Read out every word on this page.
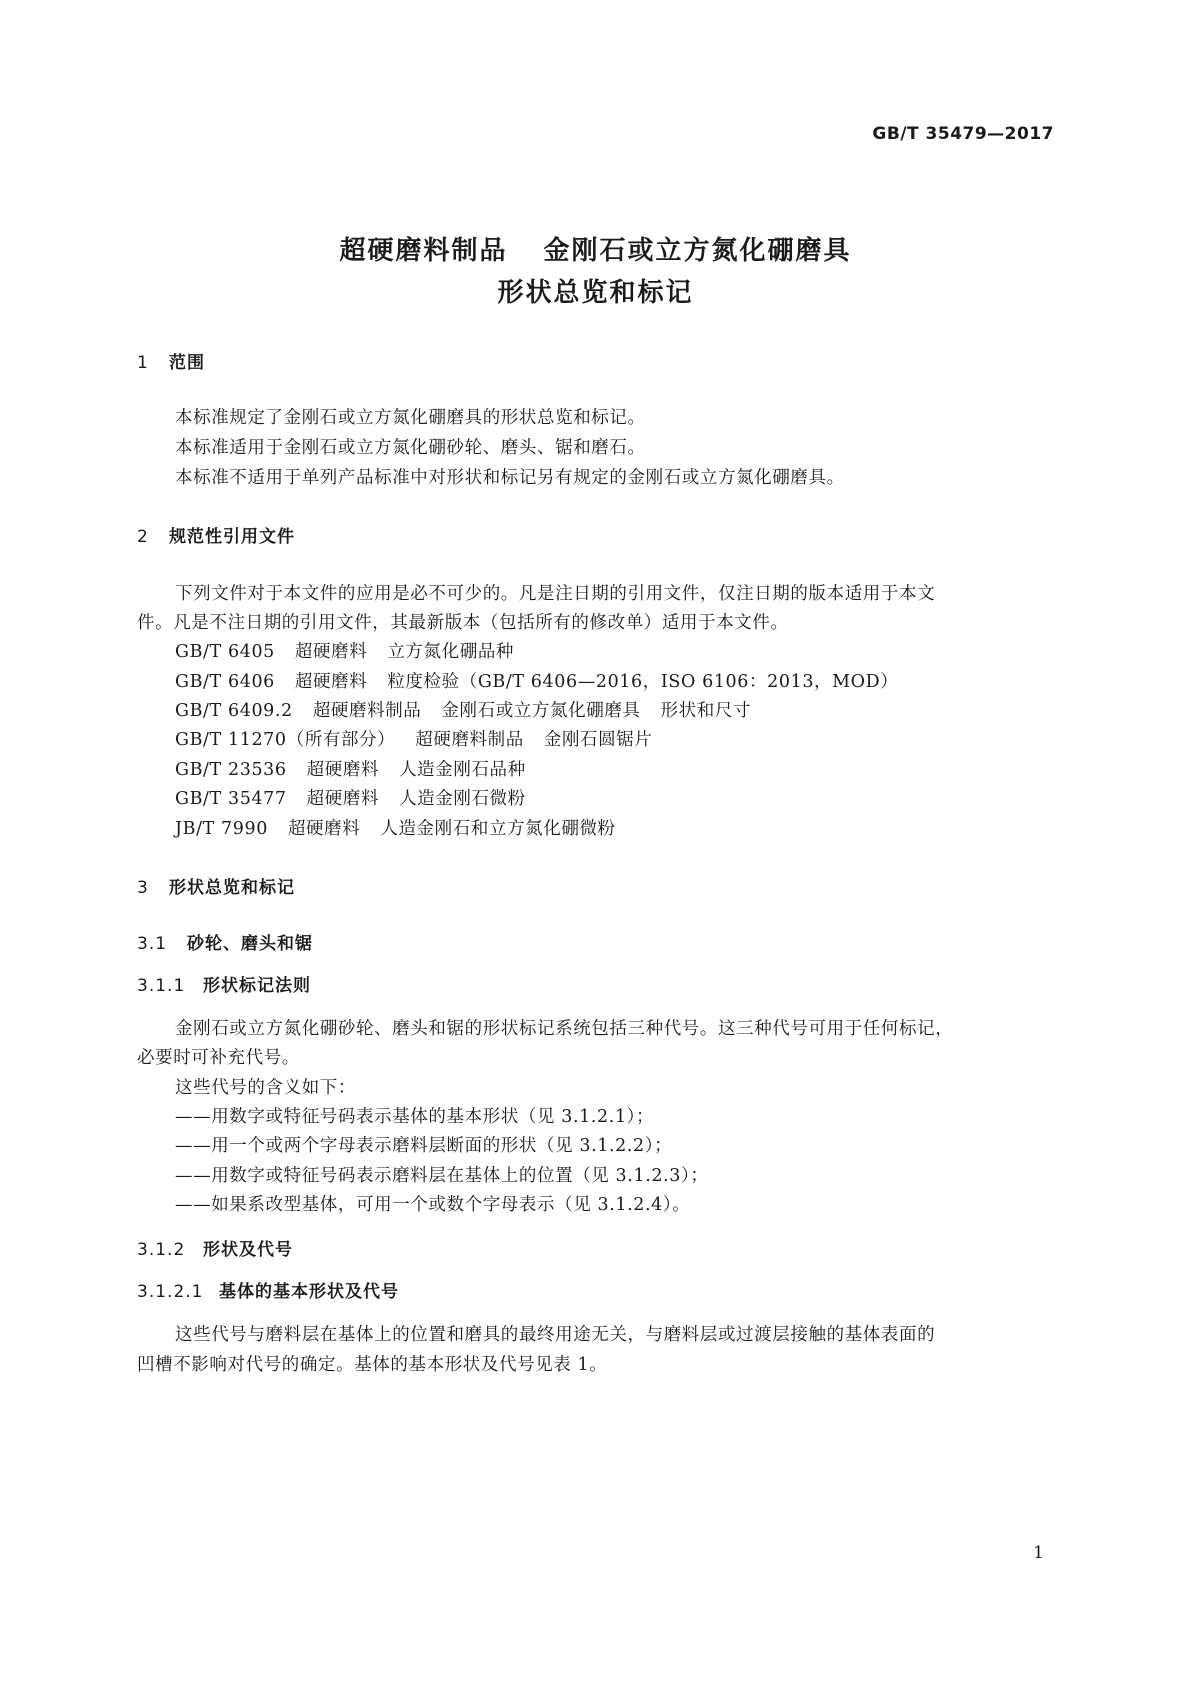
GB/T 35479—2017
超硬磨料制品 金刚石或立方氮化硼磨具
形状总览和标记
1 范围
本标准规定了金刚石或立方氮化硼磨具的形状总览和标记。
本标准适用于金刚石或立方氮化硼砂轮、磨头、锯和磨石。
本标准不适用于单列产品标准中对形状和标记另有规定的金刚石或立方氮化硼磨具。
2 规范性引用文件
下列文件对于本文件的应用是必不可少的。凡是注日期的引用文件，仅注日期的版本适用于本文
件。凡是不注日期的引用文件，其最新版本（包括所有的修改单）适用于本文件。
GB/T 6405 超硬磨料 立方氮化硼品种
GB/T 6406 超硬磨料 粒度检验（GB/T 6406—2016，ISO 6106：2013，MOD）
GB/T 6409.2 超硬磨料制品 金刚石或立方氮化硼磨具 形状和尺寸
GB/T 11270（所有部分） 超硬磨料制品 金刚石圆锯片
GB/T 23536 超硬磨料 人造金刚石品种
GB/T 35477 超硬磨料 人造金刚石微粉
JB/T 7990 超硬磨料 人造金刚石和立方氮化硼微粉
3 形状总览和标记
3.1 砂轮、磨头和锯
3.1.1 形状标记法则
金刚石或立方氮化硼砂轮、磨头和锯的形状标记系统包括三种代号。这三种代号可用于任何标记，
必要时可补充代号。
这些代号的含义如下：
——用数字或特征号码表示基体的基本形状（见 3.1.2.1）；
——用一个或两个字母表示磨料层断面的形状（见 3.1.2.2）；
——用数字或特征号码表示磨料层在基体上的位置（见 3.1.2.3）；
——如果系改型基体，可用一个或数个字母表示（见 3.1.2.4）。
3.1.2 形状及代号
3.1.2.1 基体的基本形状及代号
这些代号与磨料层在基体上的位置和磨具的最终用途无关，与磨料层或过渡层接触的基体表面的
凹槽不影响对代号的确定。基体的基本形状及代号见表 1。
1
